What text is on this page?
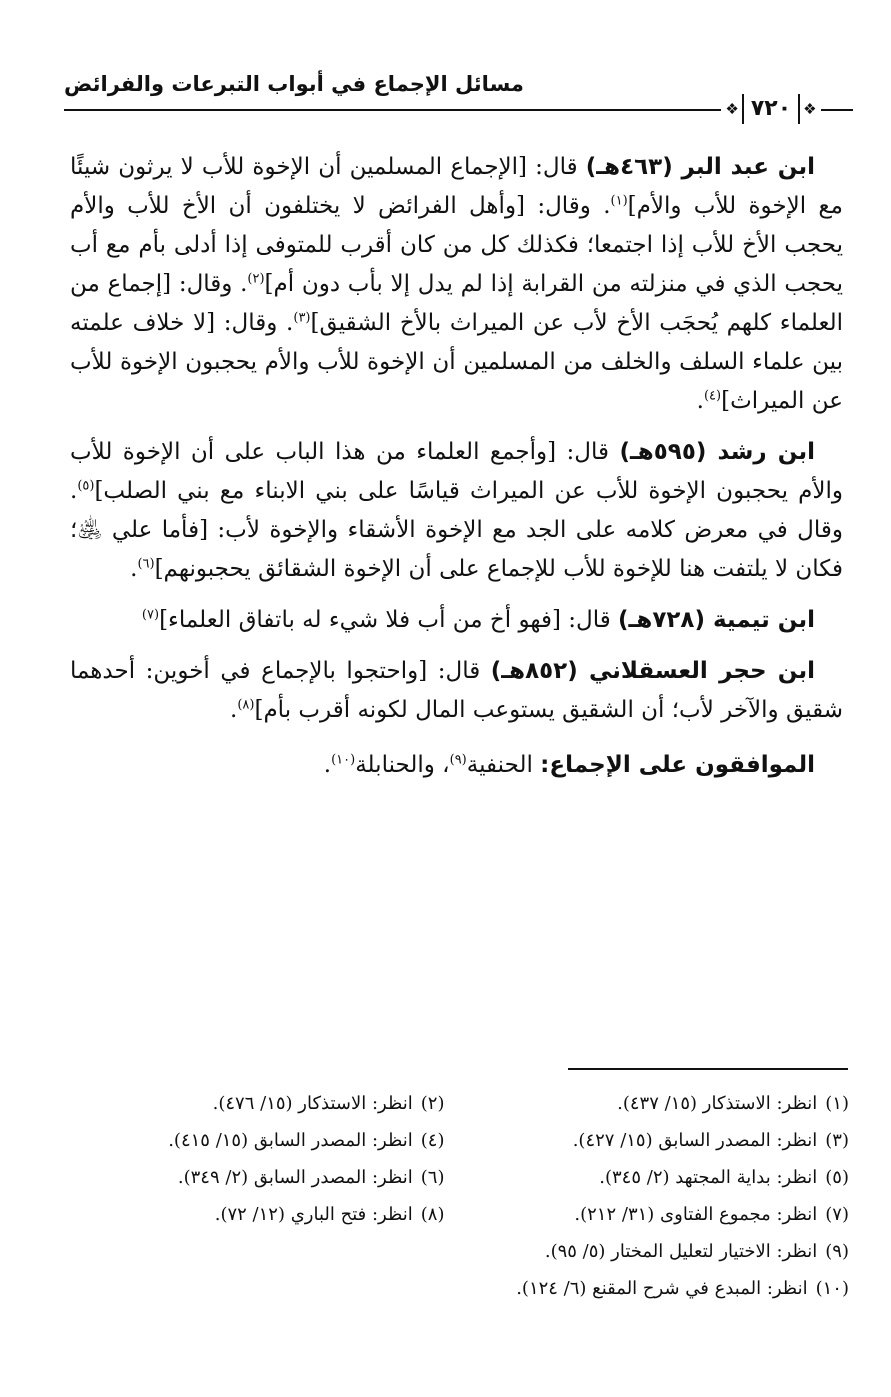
مسائل الإجماع في أبواب التبرعات والفرائض
❖ ٧٢٠ ❖

ابن عبد البر (٤٦٣هـ) قال: [الإجماع المسلمين أن الإخوة للأب لا يرثون شيئًا مع الإخوة للأب والأم]$^{(١)}$. وقال: [وأهل الفرائض لا يختلفون أن الأخ للأب والأم يحجب الأخ للأب إذا اجتمعا؛ فكذلك كل من كان أقرب للمتوفى إذا أدلى بأم مع أب يحجب الذي في منزلته من القرابة إذا لم يدل إلا بأب دون أم]$^{(٢)}$. وقال: [إجماع من العلماء كلهم يُحجَب الأخ لأب عن الميراث بالأخ الشقيق]$^{(٣)}$. وقال: [لا خلاف علمته بين علماء السلف والخلف من المسلمين أن الإخوة للأب والأم يحجبون الإخوة للأب عن الميراث]$^{(٤)}$.

ابن رشد (٥٩٥هـ) قال: [وأجمع العلماء من هذا الباب على أن الإخوة للأب والأم يحجبون الإخوة للأب عن الميراث قياسًا على بني الابناء مع بني الصلب]$^{(٥)}$. وقال في معرض كلامه على الجد مع الإخوة الأشقاء والإخوة لأب: [فأما علي ﵁؛ فكان لا يلتفت هنا للإخوة للأب للإجماع على أن الإخوة الشقائق يحجبونهم]$^{(٦)}$.

ابن تيمية (٧٢٨هـ) قال: [فهو أخ من أب فلا شيء له باتفاق العلماء]$^{(٧)}$

ابن حجر العسقلاني (٨٥٢هـ) قال: [واحتجوا بالإجماع في أخوين: أحدهما شقيق والآخر لأب؛ أن الشقيق يستوعب المال لكونه أقرب بأم]$^{(٨)}$.

الموافقون على الإجماع: الحنفية$^{(٩)}$، والحنابلة$^{(١٠)}$.

(١)انظر: الاستذكار (١٥/ ٤٣٧).
(٢)انظر: الاستذكار (١٥/ ٤٧٦).
(٣)انظر: المصدر السابق (١٥/ ٤٢٧).
(٤)انظر: المصدر السابق (١٥/ ٤١٥).
(٥)انظر: بداية المجتهد (٢/ ٣٤٥).
(٦)انظر: المصدر السابق (٢/ ٣٤٩).
(٧)انظر: مجموع الفتاوى (٣١/ ٢١٢).
(٨)انظر: فتح الباري (١٢/ ٧٢).
(٩)انظر: الاختيار لتعليل المختار (٥/ ٩٥).
(١٠)انظر: المبدع في شرح المقنع (٦/ ١٢٤).
